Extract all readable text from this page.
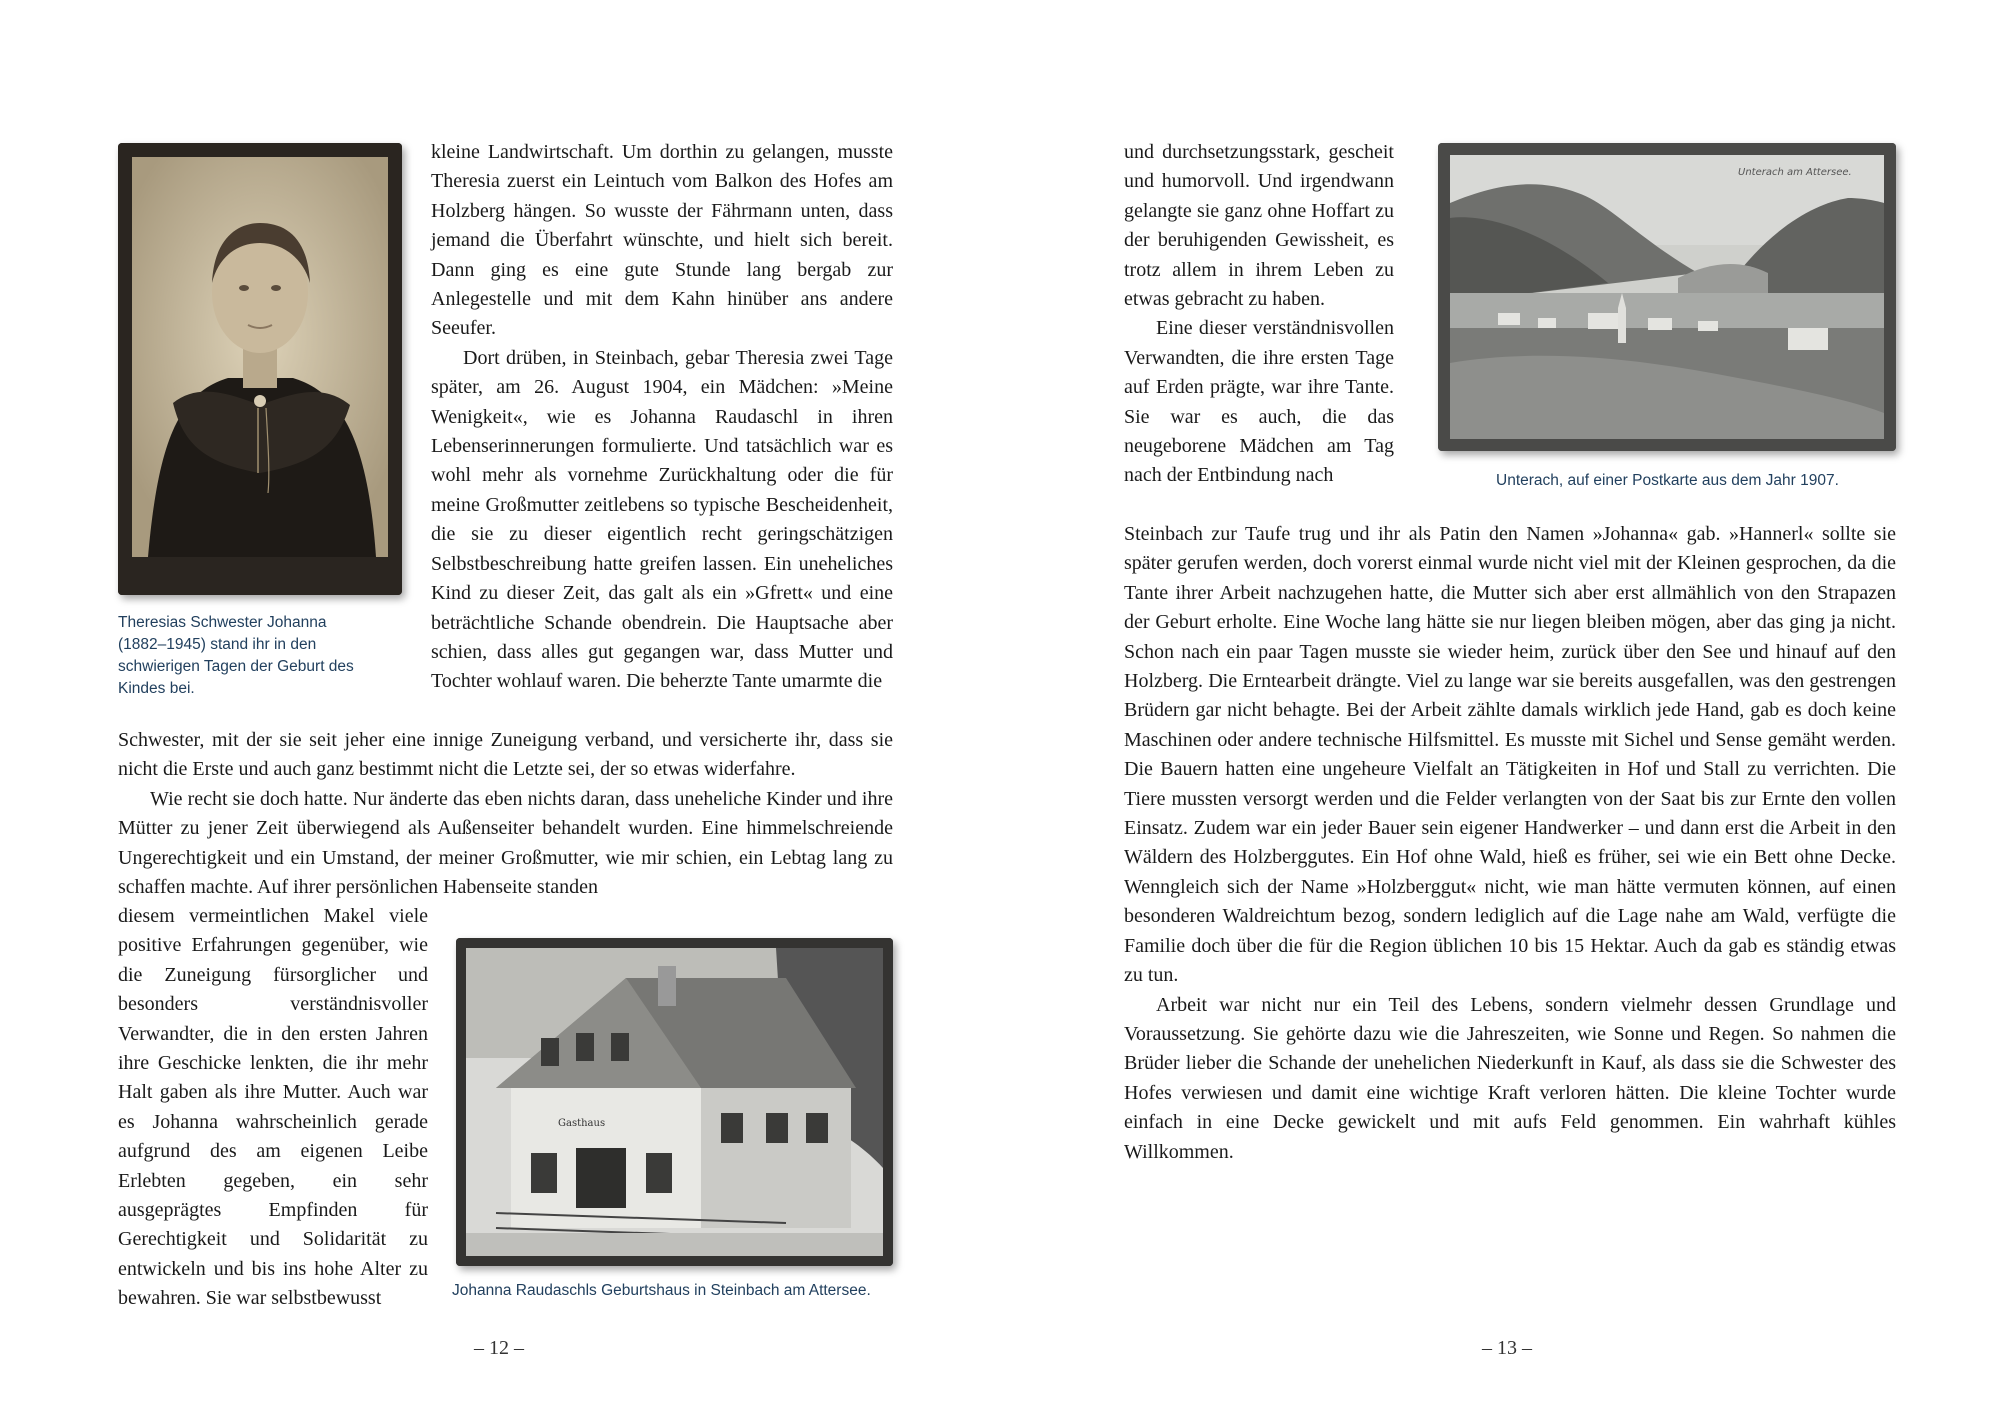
Theresias Schwester Johanna (1882–1945) stand ihr in den schwierigen Tagen der Geburt des Kindes bei.

kleine Landwirtschaft. Um dorthin zu gelangen, musste Theresia zuerst ein Leintuch vom Balkon des Hofes am Holzberg hängen. So wusste der Fährmann unten, dass jemand die Überfahrt wünschte, und hielt sich bereit. Dann ging es eine gute Stunde lang bergab zur Anlegestelle und mit dem Kahn hinüber ans andere Seeufer.

Dort drüben, in Steinbach, gebar Theresia zwei Tage später, am 26. August 1904, ein Mädchen: »Meine Wenigkeit«, wie es Johanna Raudaschl in ihren Lebenserinnerungen formulierte. Und tatsächlich war es wohl mehr als vornehme Zurückhaltung oder die für meine Großmutter zeitlebens so typische Bescheidenheit, die sie zu dieser eigentlich recht geringschätzigen Selbstbeschreibung hatte greifen lassen. Ein uneheliches Kind zu dieser Zeit, das galt als ein »Gfrett« und eine beträchtliche Schande obendrein. Die Hauptsache aber schien, dass alles gut gegangen war, dass Mutter und Tochter wohlauf waren. Die beherzte Tante umarmte die

Schwester, mit der sie seit jeher eine innige Zuneigung verband, und versicherte ihr, dass sie nicht die Erste und auch ganz bestimmt nicht die Letzte sei, der so etwas widerfahre.

Wie recht sie doch hatte. Nur änderte das eben nichts daran, dass uneheliche Kinder und ihre Mütter zu jener Zeit überwiegend als Außenseiter behandelt wurden. Eine himmelschreiende Ungerechtigkeit und ein Umstand, der meiner Großmutter, wie mir schien, ein Lebtag lang zu schaffen machte. Auf ihrer persönlichen Habenseite standen

diesem vermeintlichen Makel viele positive Erfahrungen gegenüber, wie die Zuneigung fürsorglicher und besonders verständnisvoller Verwandter, die in den ersten Jahren ihre Geschicke lenkten, die ihr mehr Halt gaben als ihre Mutter. Auch war es Johanna wahrscheinlich gerade aufgrund des am eigenen Leibe Erlebten gegeben, ein sehr ausgeprägtes Empfinden für Gerechtigkeit und Solidarität zu entwickeln und bis ins hohe Alter zu bewahren. Sie war selbstbewusst

Gasthaus
Johanna Raudaschls Geburtshaus in Steinbach am Attersee.
– 12 –

und durchsetzungsstark, gescheit und humorvoll. Und irgendwann gelangte sie ganz ohne Hoffart zu der beruhigenden Gewissheit, es trotz allem in ihrem Leben zu etwas gebracht zu haben.

Eine dieser verständnisvollen Verwandten, die ihre ersten Tage auf Erden prägte, war ihre Tante. Sie war es auch, die das neugeborene Mädchen am Tag nach der Entbindung nach

Unterach am Attersee.
Unterach, auf einer Postkarte aus dem Jahr 1907.

Steinbach zur Taufe trug und ihr als Patin den Namen »Johanna« gab. »Hannerl« sollte sie später gerufen werden, doch vorerst einmal wurde nicht viel mit der Kleinen gesprochen, da die Tante ihrer Arbeit nachzugehen hatte, die Mutter sich aber erst allmählich von den Strapazen der Geburt erholte. Eine Woche lang hätte sie nur liegen bleiben mögen, aber das ging ja nicht. Schon nach ein paar Tagen musste sie wieder heim, zurück über den See und hinauf auf den Holzberg. Die Erntearbeit drängte. Viel zu lange war sie bereits ausgefallen, was den gestrengen Brüdern gar nicht behagte. Bei der Arbeit zählte damals wirklich jede Hand, gab es doch keine Maschinen oder andere technische Hilfsmittel. Es musste mit Sichel und Sense gemäht werden. Die Bauern hatten eine ungeheure Vielfalt an Tätigkeiten in Hof und Stall zu verrichten. Die Tiere mussten versorgt werden und die Felder verlangten von der Saat bis zur Ernte den vollen Einsatz. Zudem war ein jeder Bauer sein eigener Handwerker – und dann erst die Arbeit in den Wäldern des Holzberggutes. Ein Hof ohne Wald, hieß es früher, sei wie ein Bett ohne Decke. Wenngleich sich der Name »Holzberggut« nicht, wie man hätte vermuten können, auf einen besonderen Waldreichtum bezog, sondern lediglich auf die Lage nahe am Wald, verfügte die Familie doch über die für die Region üblichen 10 bis 15 Hektar. Auch da gab es ständig etwas zu tun.

Arbeit war nicht nur ein Teil des Lebens, sondern vielmehr dessen Grundlage und Voraussetzung. Sie gehörte dazu wie die Jahreszeiten, wie Sonne und Regen. So nahmen die Brüder lieber die Schande der unehelichen Niederkunft in Kauf, als dass sie die Schwester des Hofes verwiesen und damit eine wichtige Kraft verloren hätten. Die kleine Tochter wurde einfach in eine Decke gewickelt und mit aufs Feld genommen. Ein wahrhaft kühles Willkommen.

– 13 –
